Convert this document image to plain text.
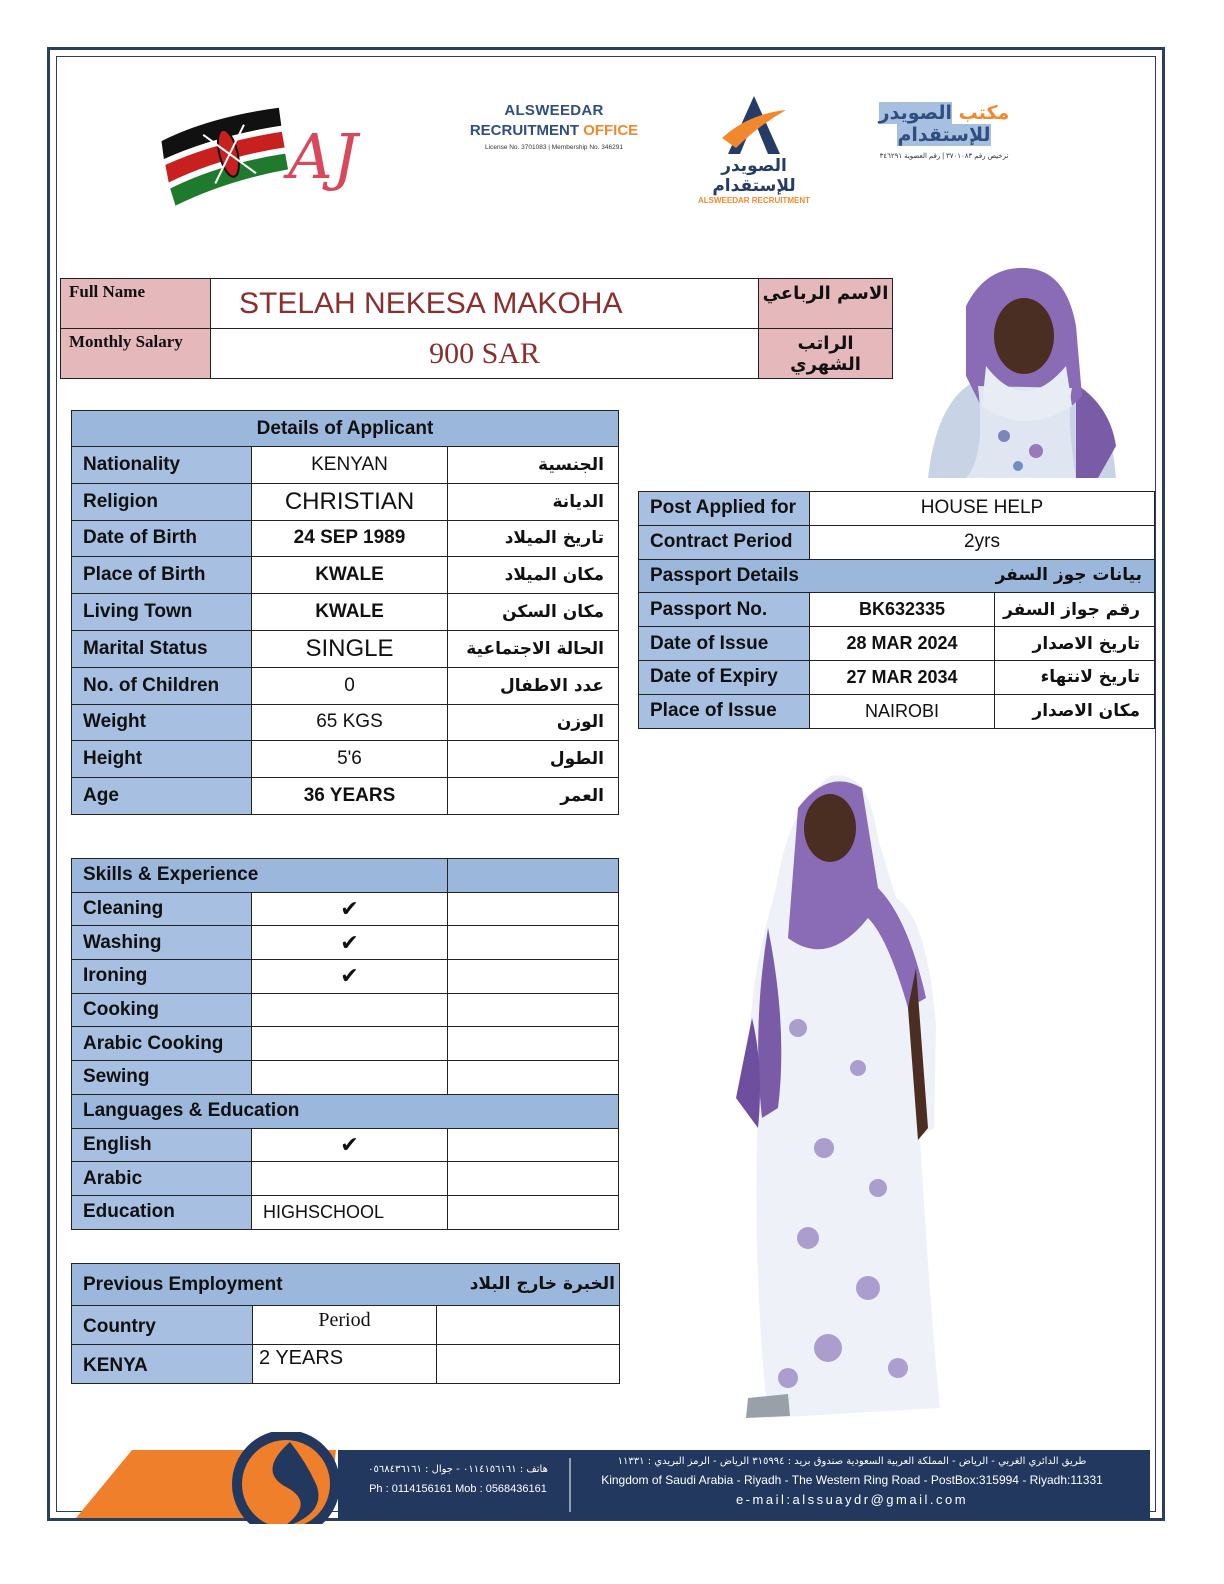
AJ
ALSWEEDAR
RECRUITMENT OFFICE
License No. 3701083 | Membership No. 346291
الصويدر للإستقدام
ALSWEEDAR RECRUITMENT
مكتب الصويدر للإستقدام
ترخيص رقم ٣٧٠١٠٨٣ | رقم العضوية ٣٤٦٢٩١
Full Name	STELAH NEKESA MAKOHA	الاسم الرباعي
Monthly Salary	900 SAR	الراتب الشهري
Details of Applicant		
Nationality	KENYAN	الجنسية
Religion	CHRISTIAN	الديانة
Date of Birth	24 SEP 1989	تاريخ الميلاد
Place of Birth	KWALE	مكان الميلاد
Living Town	KWALE	مكان السكن
Marital Status	SINGLE	الحالة الاجتماعية
No. of Children	0	عدد الاطفال
Weight	65 KGS	الوزن
Height	5'6	الطول
Age	36 YEARS	العمر
Post Applied for	HOUSE HELP	
Contract Period	2yrs	
Passport Details بيانات جوز السفر		

Passport No.	BK632335	رقم جواز السفر
Date of Issue	28 MAR 2024	تاريخ الاصدار
Date of Expiry	27 MAR 2034	تاريخ لانتهاء
Place of Issue	NAIROBI	مكان الاصدار
Skills & Experience		
Cleaning	✔	
Washing	✔	
Ironing	✔	
Cooking		
Arabic Cooking		
Sewing		
Languages & Education		
English	✔	
Arabic		
Education	HIGHSCHOOL	
Previous Employment الخبرة خارج البلاد		

Country	Period	
KENYA	2 YEARS	
هاتف : ٠١١٤١٥٦١٦١ - جوال : ٠٥٦٨٤٣٦١٦١
Ph : 0114156161 Mob : 0568436161
طريق الدائري الغربي - الرياض - المملكة العربية السعودية صندوق بريد : ٣١٥٩٩٤ الرياض - الرمز البريدي : ١١٣٣١
Kingdom of Saudi Arabia - Riyadh - The Western Ring Road - PostBox:315994 - Riyadh:11331
e-mail:alssuaydr@gmail.com
